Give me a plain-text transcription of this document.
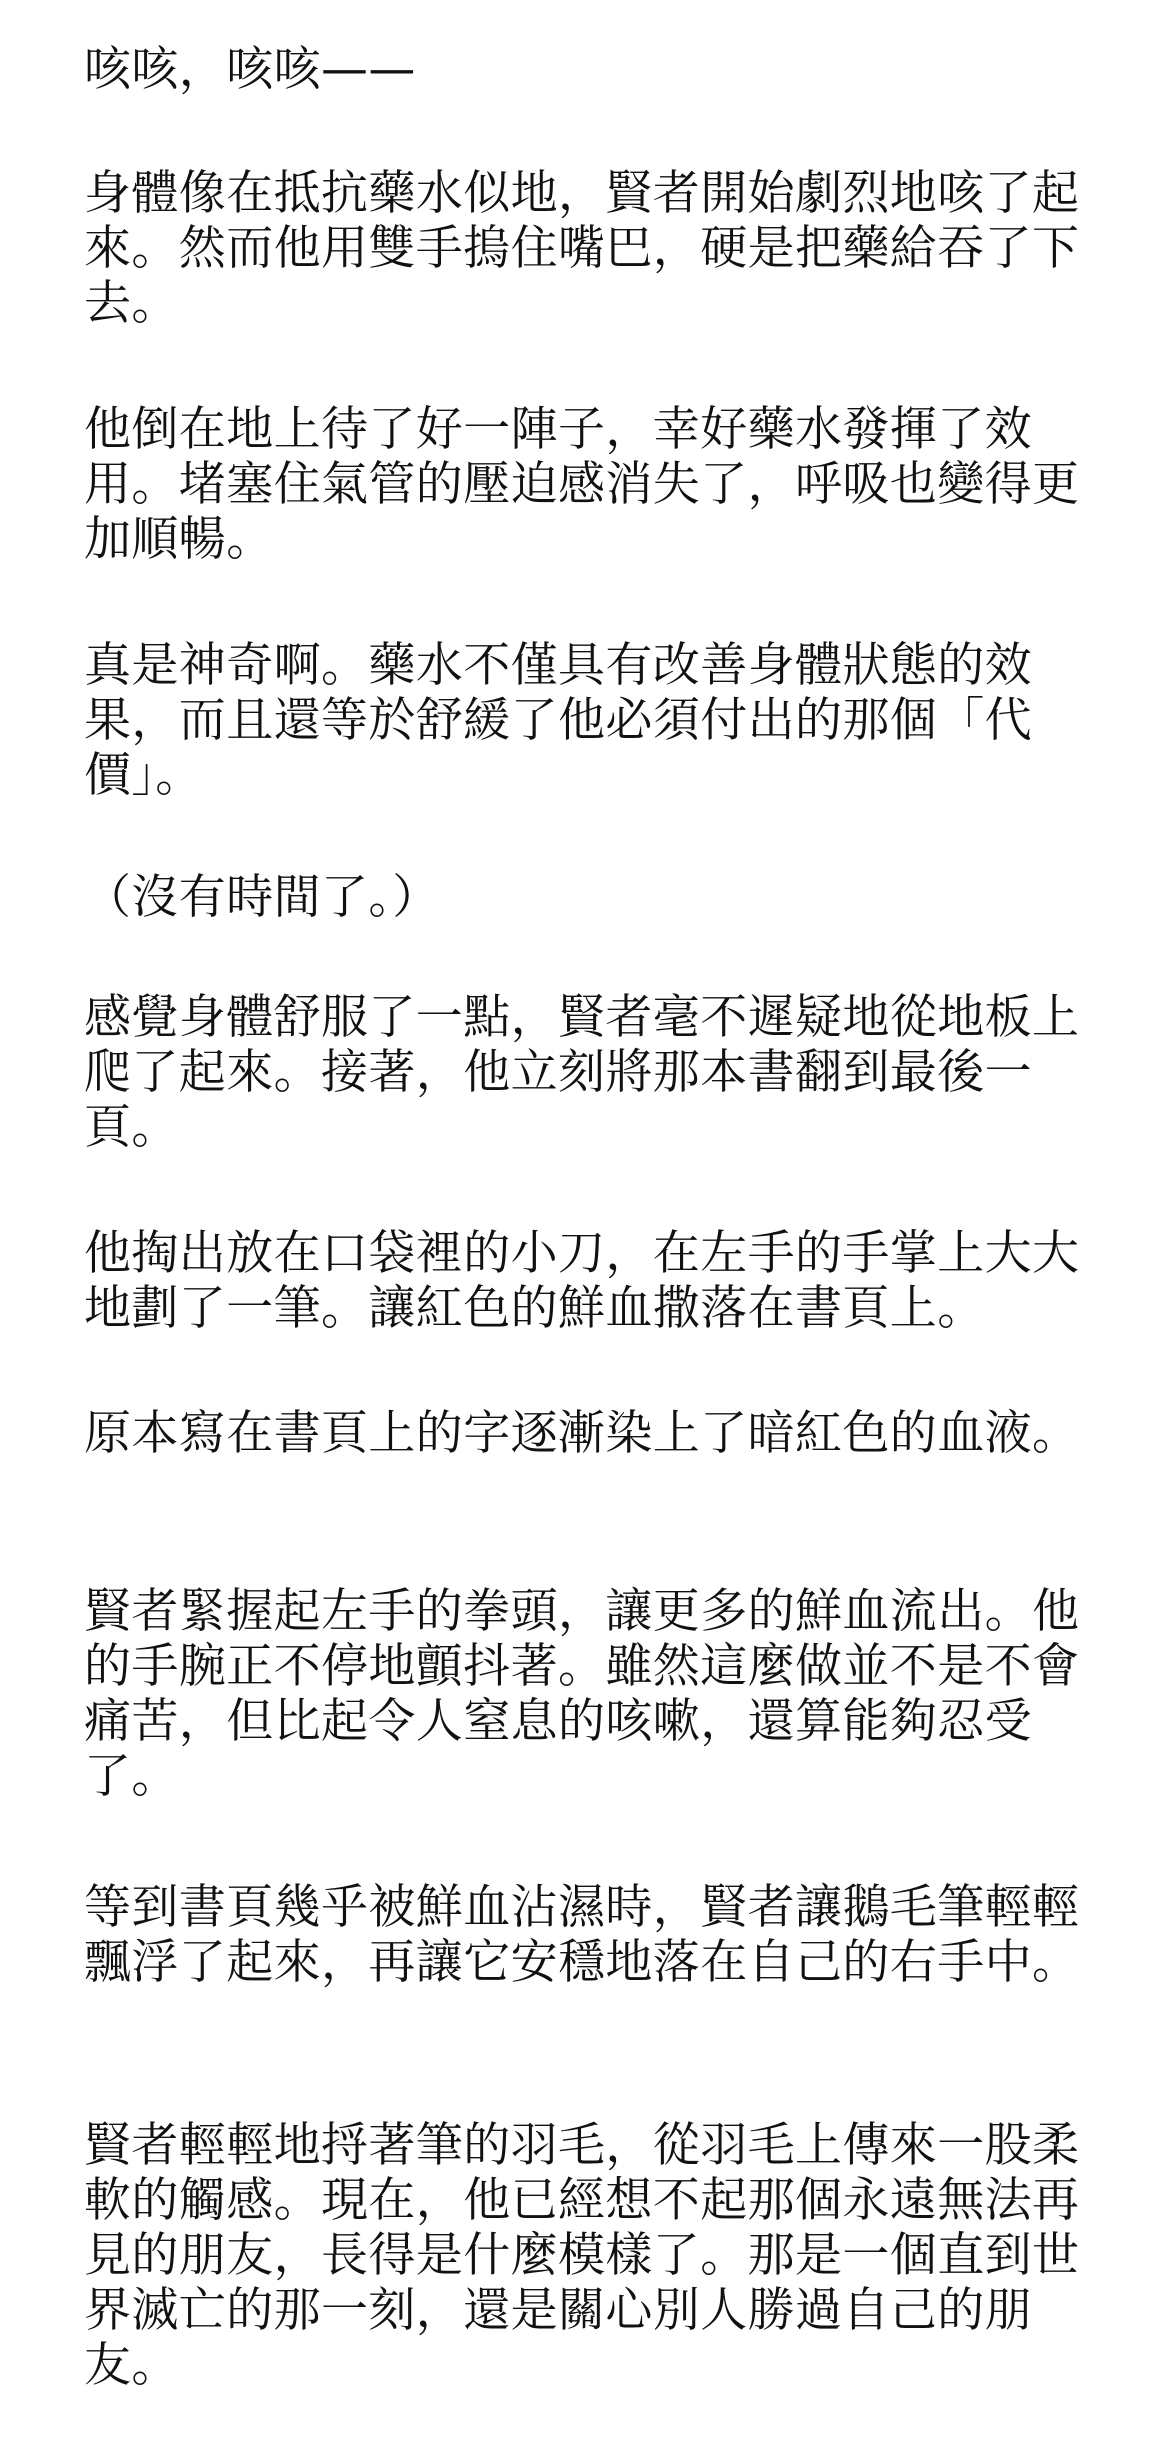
咳咳，咳咳——

身體像在抵抗藥水似地，賢者開始劇烈地咳了起來。然而他用雙手摀住嘴巴，硬是把藥給吞了下去。

他倒在地上待了好一陣子，幸好藥水發揮了效用。堵塞住氣管的壓迫感消失了，呼吸也變得更加順暢。

真是神奇啊。藥水不僅具有改善身體狀態的效果，而且還等於舒緩了他必須付出的那個「代價」。

（沒有時間了。）

感覺身體舒服了一點，賢者毫不遲疑地從地板上爬了起來。接著，他立刻將那本書翻到最後一頁。

他掏出放在口袋裡的小刀，在左手的手掌上大大地劃了一筆。讓紅色的鮮血撒落在書頁上。

原本寫在書頁上的字逐漸染上了暗紅色的血液。

賢者緊握起左手的拳頭，讓更多的鮮血流出。他的手腕正不停地顫抖著。雖然這麼做並不是不會痛苦，但比起令人窒息的咳嗽，還算能夠忍受了。

等到書頁幾乎被鮮血沾濕時，賢者讓鵝毛筆輕輕飄浮了起來，再讓它安穩地落在自己的右手中。

賢者輕輕地捋著筆的羽毛，從羽毛上傳來一股柔軟的觸感。現在，他已經想不起那個永遠無法再見的朋友，長得是什麼模樣了。那是一個直到世界滅亡的那一刻，還是關心別人勝過自己的朋友。
